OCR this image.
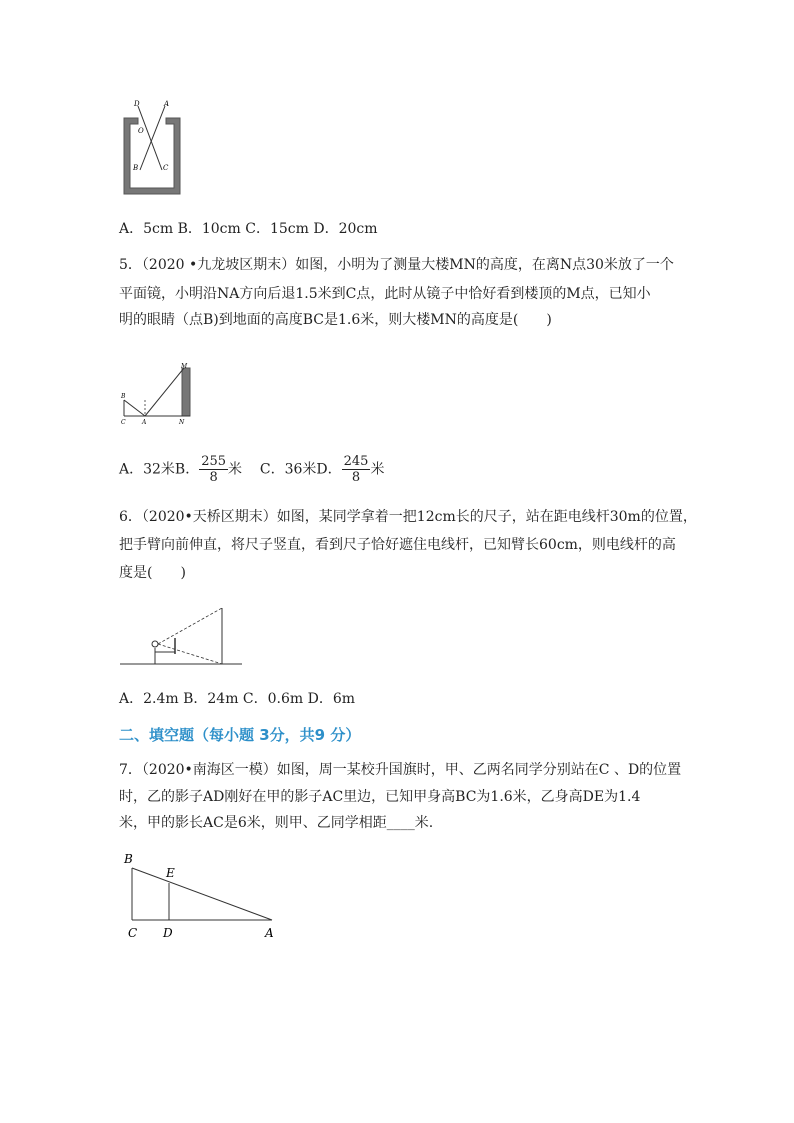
D	A
O
B	C
A．5cm B．10cm C．15cm D．20cm
5．（2020 •九龙坡区期末）如图，小明为了测量大楼MN的高度，在离N点30米放了一个
平面镜，小明沿NA方向后退1.5米到C点，此时从镜子中恰好看到楼顶的M点，已知小
明的眼睛（点B)到地面的高度BC是1.6米，则大楼MN的高度是(　　)
M
B
C	A	N
A．32米B． $\frac{255}{8}$ 米 C．36米D． $\frac{245}{8}$ 米
6．（2020•天桥区期末）如图，某同学拿着一把12cm长的尺子，站在距电线杆30m的位置，
把手臂向前伸直，将尺子竖直，看到尺子恰好遮住电线杆，已知臂长60cm，则电线杆的高
度是(　　)
A．2.4m B．24m C．0.6m D．6m
二、填空题（每小题 3分，共9 分）
7．（2020•南海区一模）如图，周一某校升国旗时，甲、乙两名同学分别站在C 、D的位置
时，乙的影子AD刚好在甲的影子AC里边，已知甲身高BC为1.6米，乙身高DE为1.4
米，甲的影长AC是6米，则甲、乙同学相距____米.
B
E
C D	A
